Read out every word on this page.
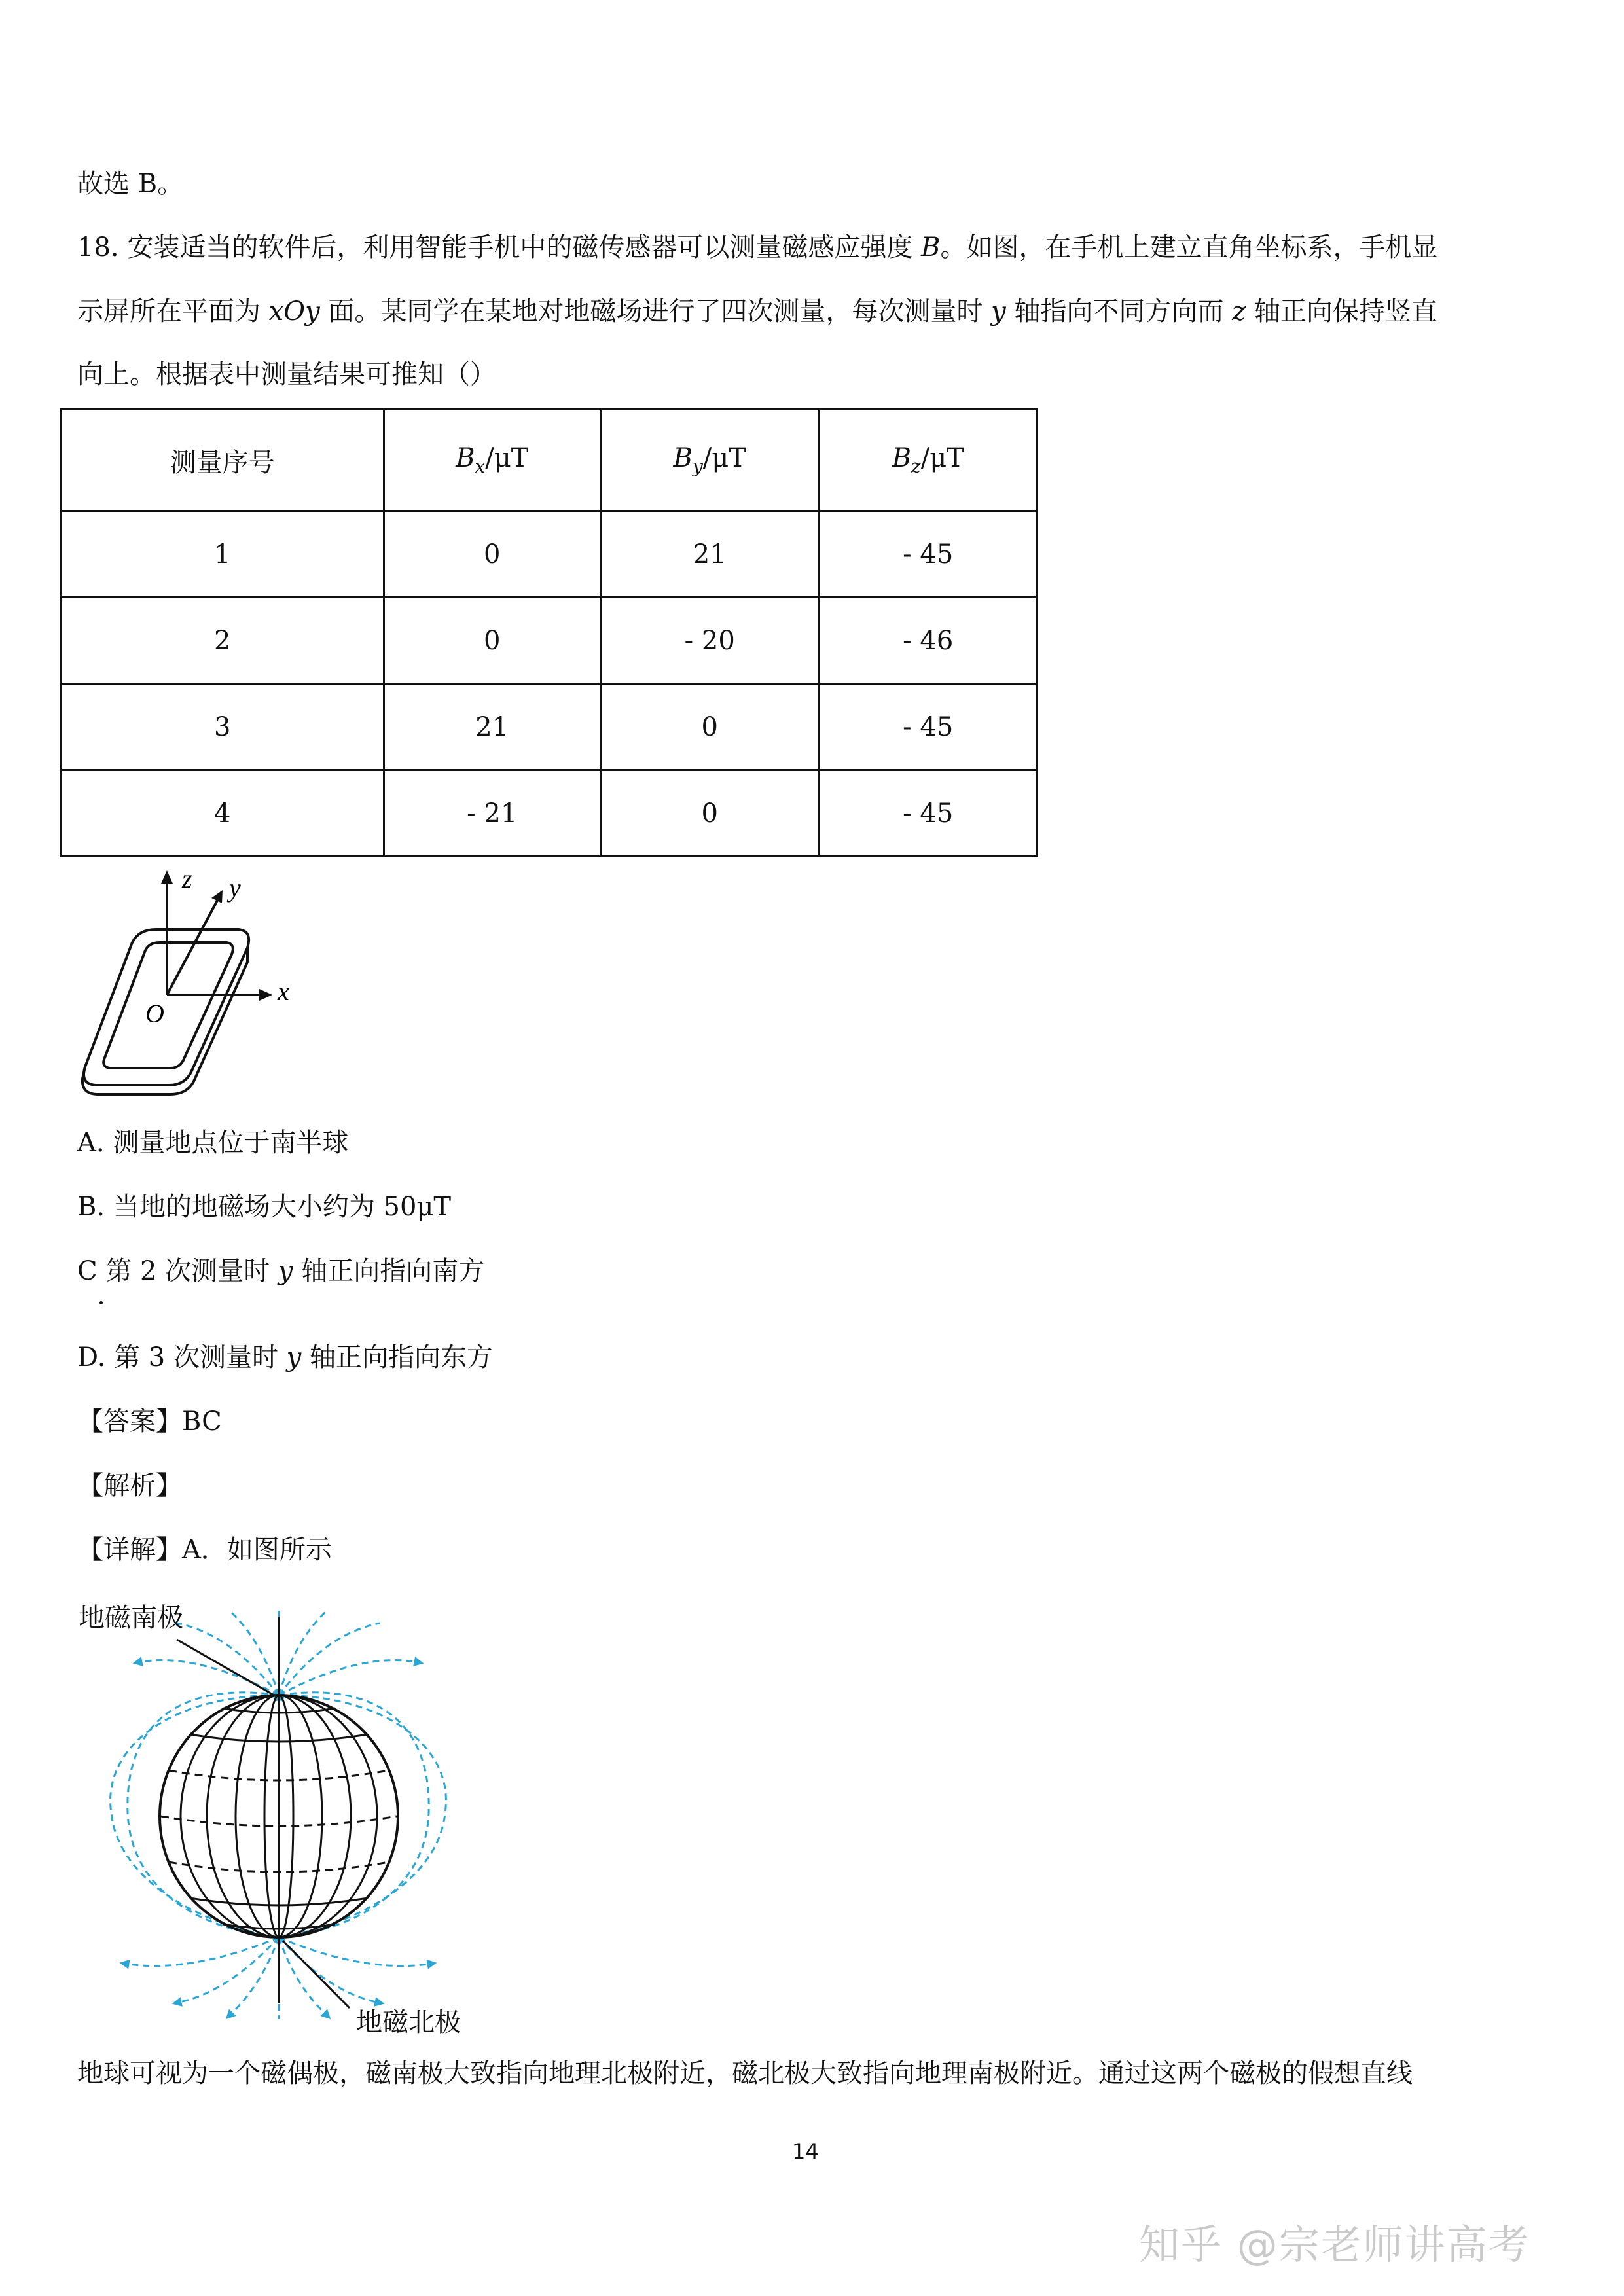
故选 B。
18. 安装适当的软件后，利用智能手机中的磁传感器可以测量磁感应强度 B。如图，在手机上建立直角坐标系，手机显
示屏所在平面为 xOy 面。某同学在某地对地磁场进行了四次测量，每次测量时 y 轴指向不同方向而 z 轴正向保持竖直
向上。根据表中测量结果可推知（）
测量序号	$B_x/\mu T$	$B_y/\mu T$	$B_z/\mu T$
1	0	21	- 45
2	0	- 20	- 46
3	21	0	- 45
4	- 21	0	- 45
z y
x
O
A. 测量地点位于南半球
B. 当地的地磁场大小约为 50μT
C 第 2 次测量时 y 轴正向指向南方
D. 第 3 次测量时 y 轴正向指向东方
【答案】BC
【解析】
【详解】A．如图所示
地磁南极
地磁北极
地球可视为一个磁偶极，磁南极大致指向地理北极附近，磁北极大致指向地理南极附近。通过这两个磁极的假想直线
14
知乎 @宗老师讲高考
